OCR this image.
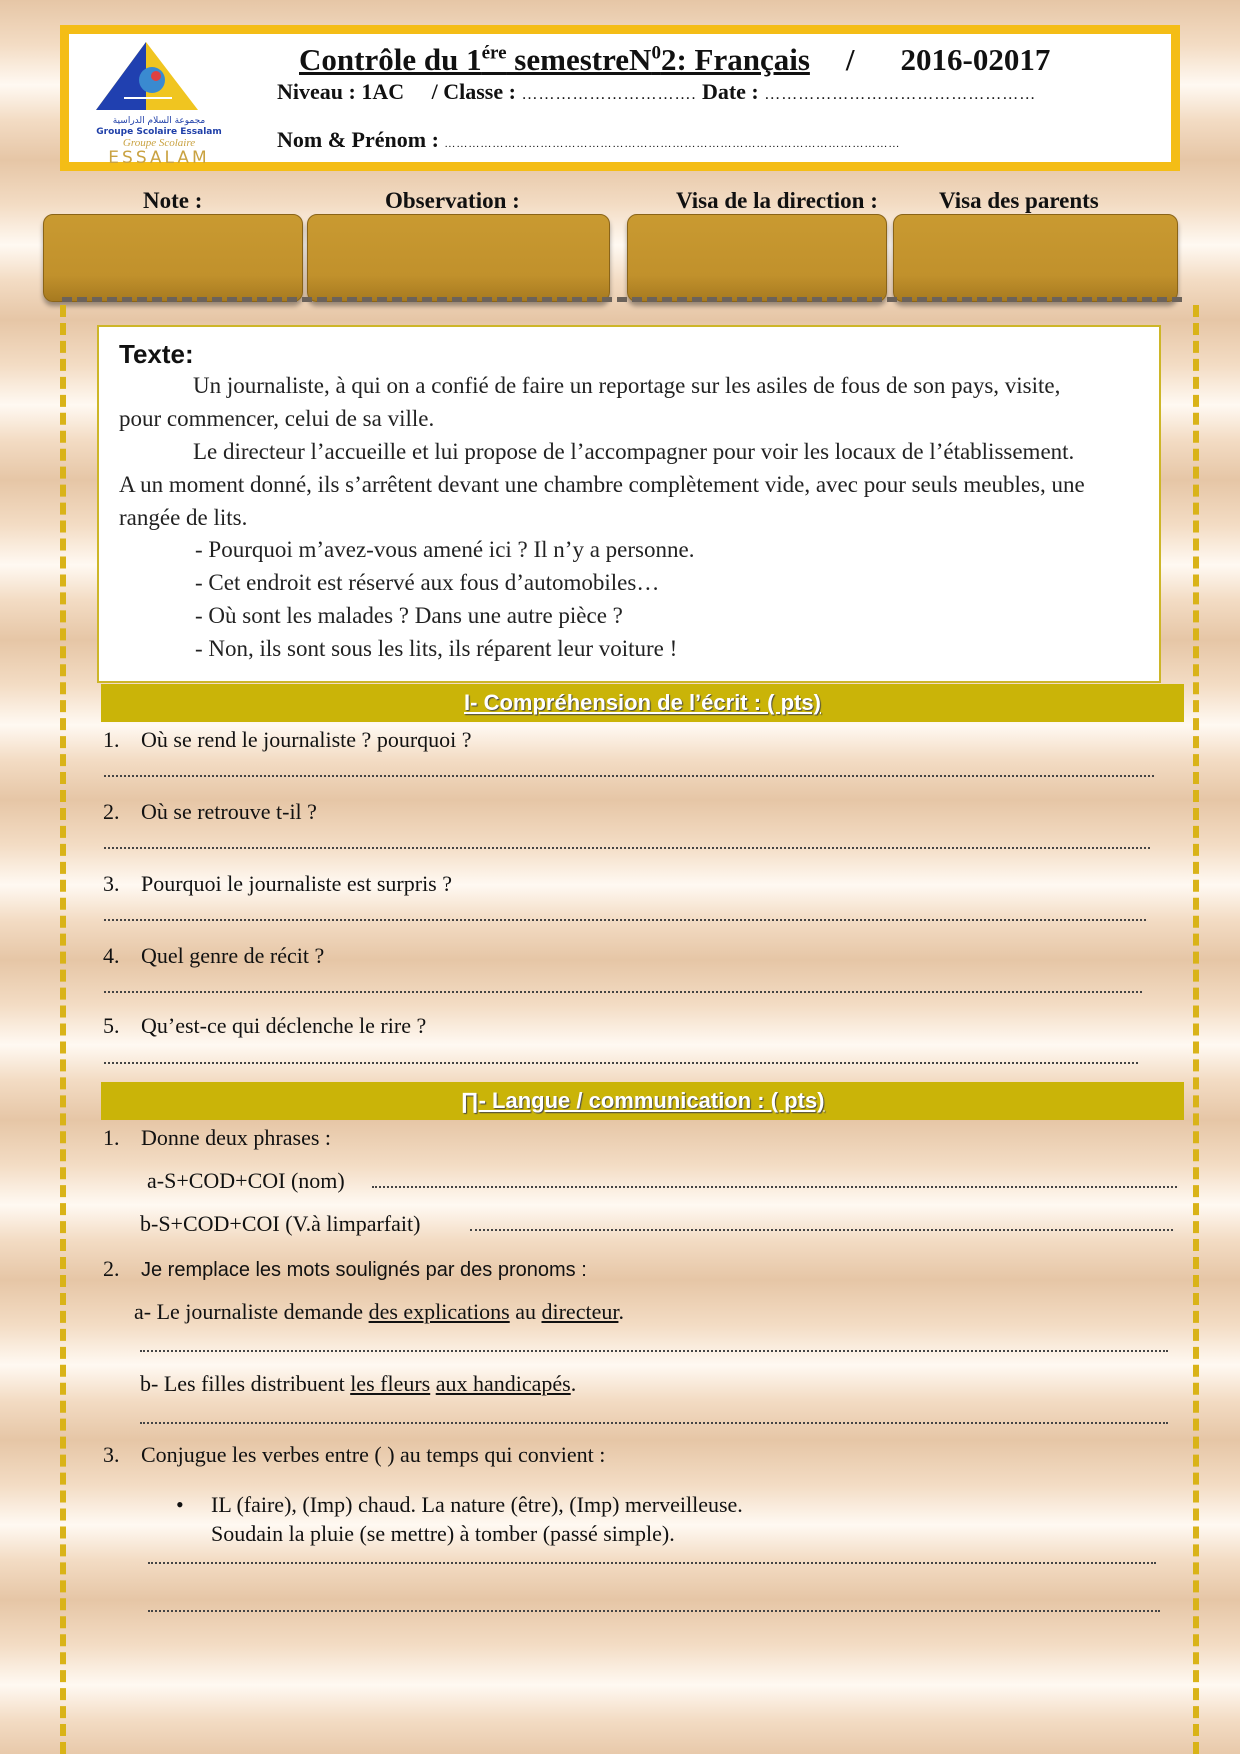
مجموعة السلام الدراسية
Groupe Scolaire Essalam
Groupe Scolaire
ESSALAM
Contrôle du $1^{ére}$ semestreN$^0$2: Français / 2016-02017
Niveau : 1AC / Classe : …………………………. Date : …………………………………………
Nom & Prénom : ……………………………………………………………………………………………………
Note :	Observation :	Visa de la direction :	Visa des parents
Texte:
Un journaliste, à qui on a confié de faire un reportage sur les asiles de fous de son pays, visite,
pour commencer, celui de sa ville.
Le directeur l’accueille et lui propose de l’accompagner pour voir les locaux de l’établissement.
A un moment donné, ils s’arrêtent devant une chambre complètement vide, avec pour seuls meubles, une
rangée de lits.
- Pourquoi m’avez-vous amené ici ? Il n’y a personne.
- Cet endroit est réservé aux fous d’automobiles…
- Où sont les malades ? Dans une autre pièce ?
- Non, ils sont sous les lits, ils réparent leur voiture !
I- Compréhension de l’écrit : ( pts)
1. Où se rend le journaliste ? pourquoi ?
2. Où se retrouve t-il ?
3. Pourquoi le journaliste est surpris ?
4. Quel genre de récit ?
5. Qu’est-ce qui déclenche le rire ?
∏- Langue / communication : ( pts)
1. Donne deux phrases :
a-S+COD+COI (nom)
b-S+COD+COI (V.à limparfait)
2. Je remplace les mots soulignés par des pronoms :
a- Le journaliste demande des explications au directeur.
b- Les filles distribuent les fleurs aux handicapés.
3. Conjugue les verbes entre ( ) au temps qui convient :
• IL (faire), (Imp) chaud. La nature (être), (Imp) merveilleuse.
Soudain la pluie (se mettre) à tomber (passé simple).
